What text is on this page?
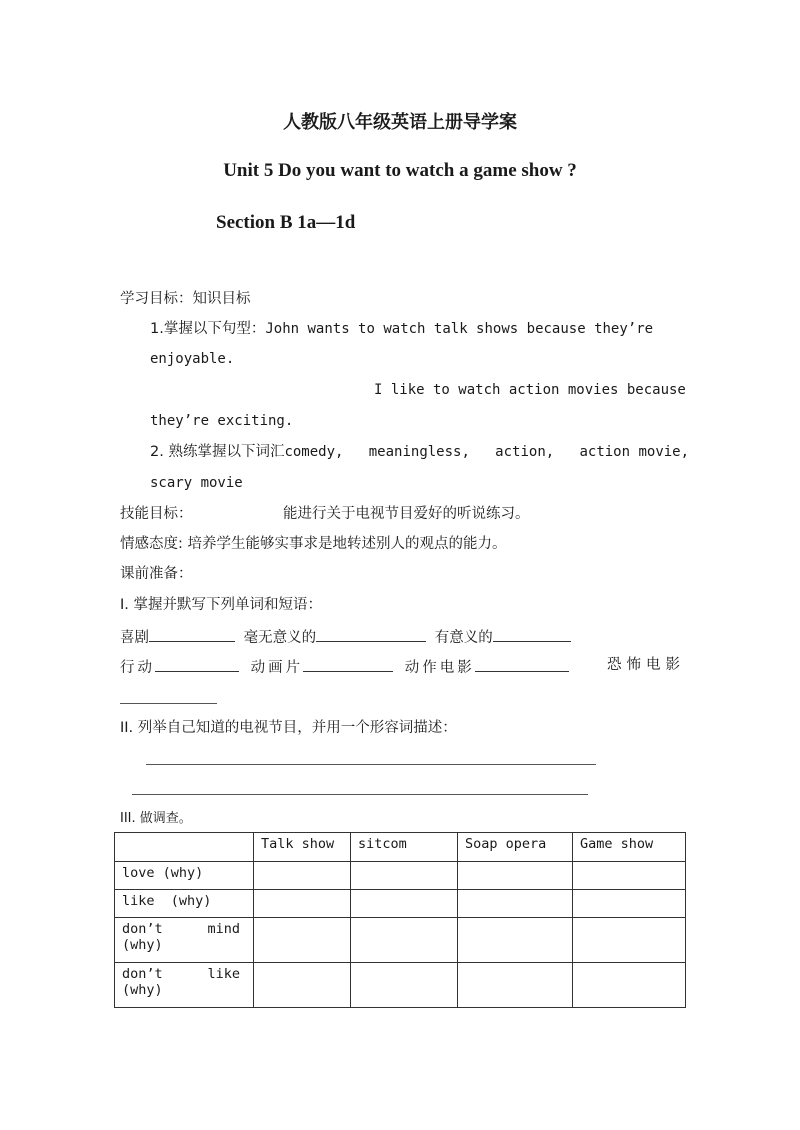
人教版八年级英语上册导学案
Unit 5 Do you want to watch a game show ?
Section B 1a—1d
学习目标：知识目标
1.掌握以下句型：John wants to watch talk shows because they’re
enjoyable.
I like to watch action movies because
they’re exciting.
2. 熟练掌握以下词汇comedy,   meaningless,   action,   action movie,
scary movie
技能目标：	能进行关于电视节目爱好的听说练习。
情感态度: 培养学生能够实事求是地转述别人的观点的能力。
课前准备：
I. 掌握并默写下列单词和短语：
喜剧	毫无意义的	有意义的
行动	动画片	动作电影	恐怖电影
II. 列举自己知道的电视节目，并用一个形容词描述：
III. 做调查。
	Talk show	sitcom	Soap opera	Game show
love (why)				
like  (why)				

don’t mind
(why)				

don’t like
(why)				
